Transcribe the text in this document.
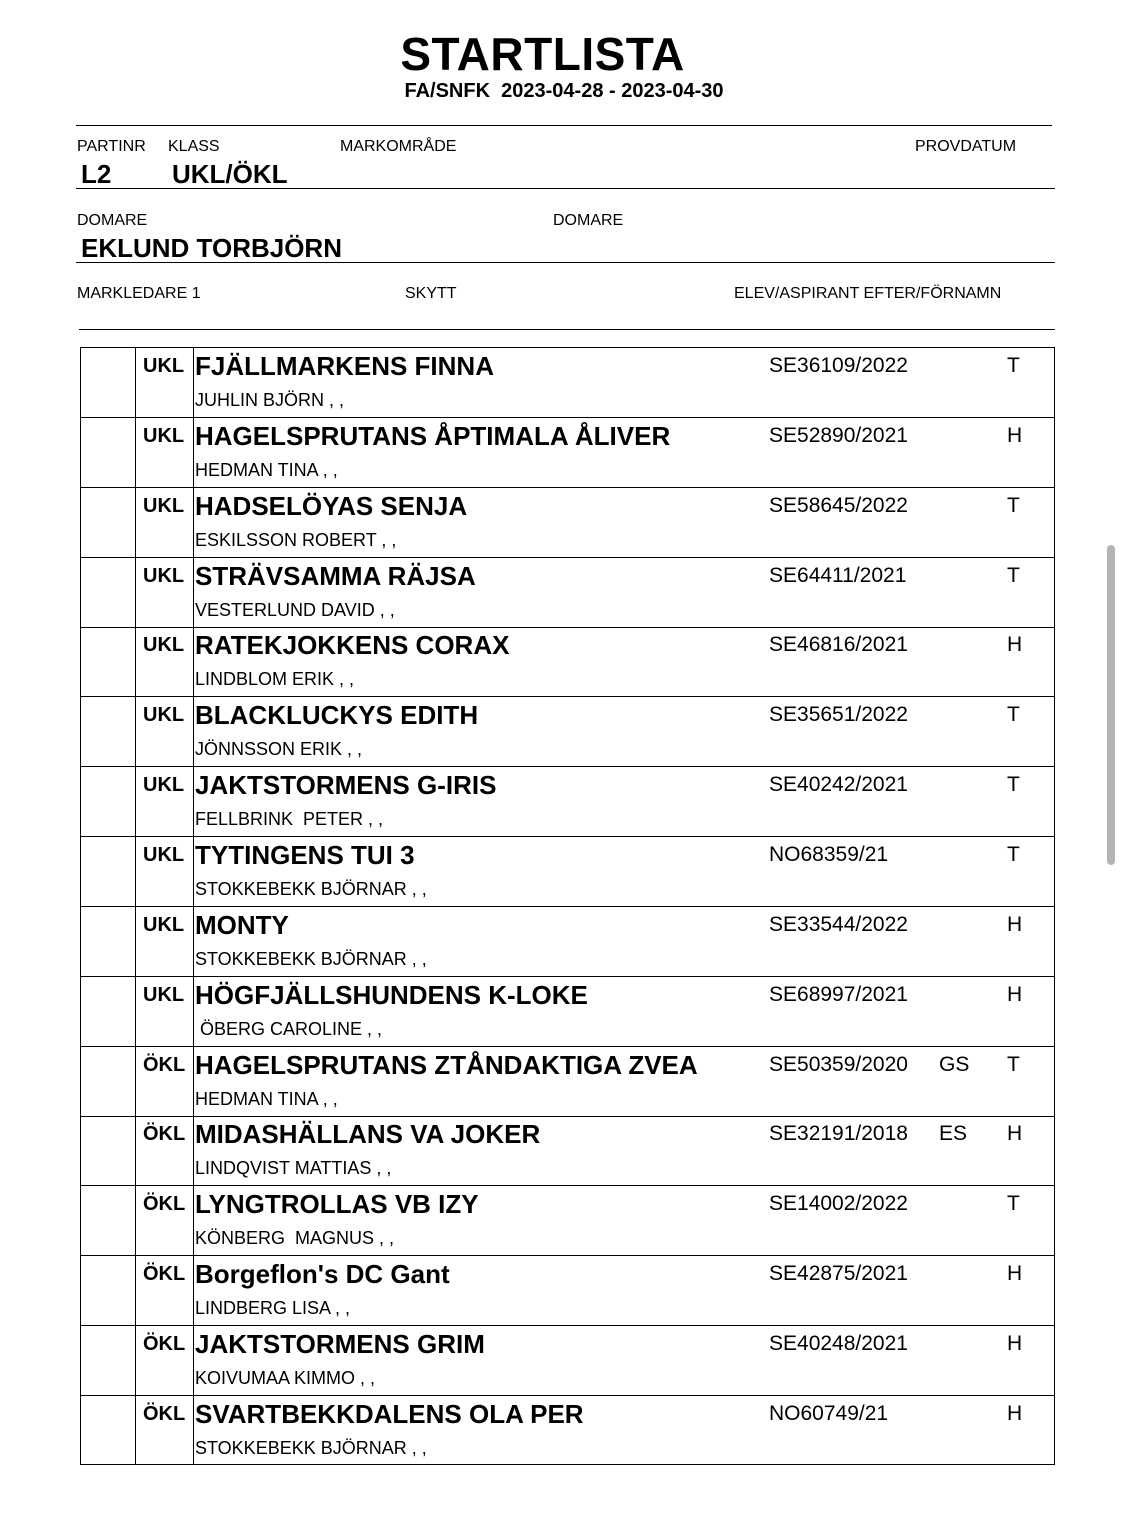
STARTLISTA
FA/SNFK  2023-04-28 - 2023-04-30
PARTINR KLASS	MARKOMRÅDE	PROVDATUM
L2 UKL/ÖKL
DOMARE	DOMARE
EKLUND TORBJÖRN
MARKLEDARE 1	SKYTT	ELEV/ASPIRANT EFTER/FÖRNAMN
UKL FJÄLLMARKENS FINNA
JUHLIN BJÖRN , ,
SE36109/2022	T
UKL HAGELSPRUTANS ÅPTIMALA ÅLIVER
HEDMAN TINA , ,
SE52890/2021	H
UKL HADSELÖYAS SENJA
ESKILSSON ROBERT , ,
SE58645/2022	T
UKL STRÄVSAMMA RÄJSA
VESTERLUND DAVID , ,
SE64411/2021	T
UKL RATEKJOKKENS CORAX
LINDBLOM ERIK , ,
SE46816/2021	H
UKL BLACKLUCKYS EDITH
JÖNNSSON ERIK , ,
SE35651/2022	T
UKL JAKTSTORMENS G-IRIS
FELLBRINK  PETER , ,
SE40242/2021	T
UKL TYTINGENS TUI 3
STOKKEBEKK BJÖRNAR , ,
NO68359/21	T
UKL MONTY
STOKKEBEKK BJÖRNAR , ,
SE33544/2022	H
UKL HÖGFJÄLLSHUNDENS K-LOKE
ÖBERG CAROLINE , ,
SE68997/2021	H
ÖKL HAGELSPRUTANS ZTÅNDAKTIGA ZVEA
HEDMAN TINA , ,
SE50359/2020 GS T
ÖKL MIDASHÄLLANS VA JOKER
LINDQVIST MATTIAS , ,
SE32191/2018 ES H
ÖKL LYNGTROLLAS VB IZY
KÖNBERG  MAGNUS , ,
SE14002/2022	T
ÖKL Borgeflon's DC Gant
LINDBERG LISA , ,
SE42875/2021	H
ÖKL JAKTSTORMENS GRIM
KOIVUMAA KIMMO , ,
SE40248/2021	H
ÖKL SVARTBEKKDALENS OLA PER
STOKKEBEKK BJÖRNAR , ,
NO60749/21	H
